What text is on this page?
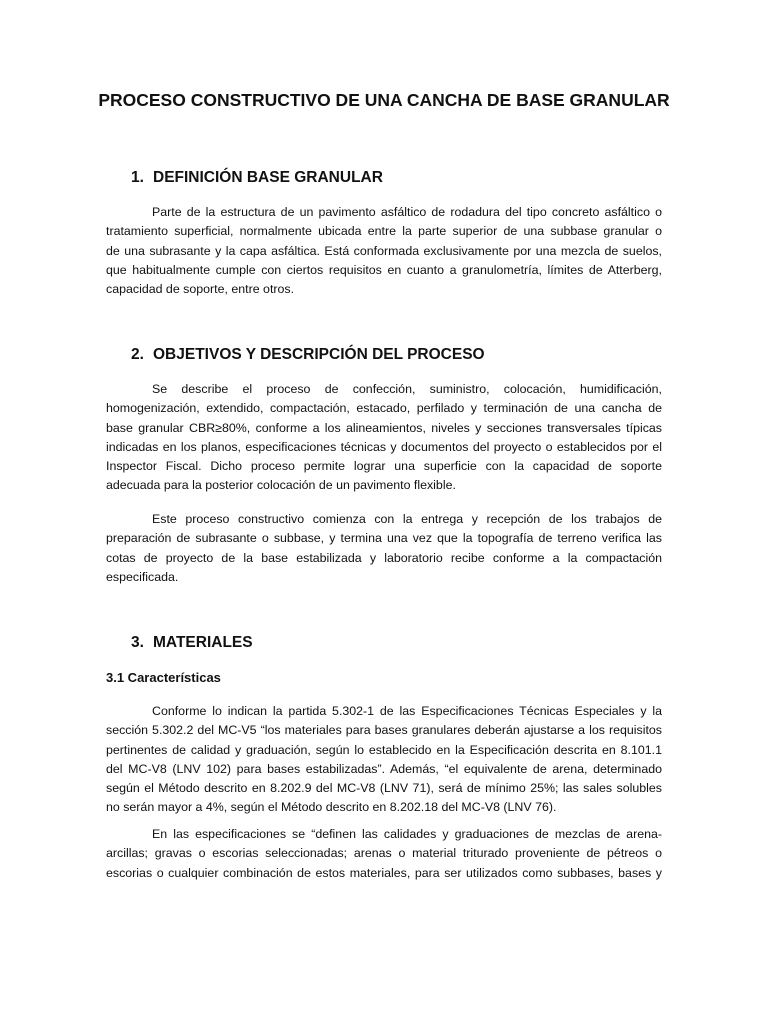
PROCESO CONSTRUCTIVO DE UNA CANCHA DE BASE GRANULAR
1. DEFINICIÓN BASE GRANULAR

Parte de la estructura de un pavimento asfáltico de rodadura del tipo concreto asfáltico o
tratamiento superficial, normalmente ubicada entre la parte superior de una subbase granular o
de una subrasante y la capa asfáltica. Está conformada exclusivamente por una mezcla de suelos,
que habitualmente cumple con ciertos requisitos en cuanto a granulometría, límites de Atterberg,
capacidad de soporte, entre otros.

2. OBJETIVOS Y DESCRIPCIÓN DEL PROCESO

Se describe el proceso de confección, suministro, colocación, humidificación,
homogenización, extendido, compactación, estacado, perfilado y terminación de una cancha de
base granular CBR≥80%, conforme a los alineamientos, niveles y secciones transversales típicas
indicadas en los planos, especificaciones técnicas y documentos del proyecto o establecidos por el
Inspector Fiscal. Dicho proceso permite lograr una superficie con la capacidad de soporte
adecuada para la posterior colocación de un pavimento flexible.

Este proceso constructivo comienza con la entrega y recepción de los trabajos de
preparación de subrasante o subbase, y termina una vez que la topografía de terreno verifica las
cotas de proyecto de la base estabilizada y laboratorio recibe conforme a la compactación
especificada.

3. MATERIALES
3.1 Características

Conforme lo indican la partida 5.302-1 de las Especificaciones Técnicas Especiales y la
sección 5.302.2 del MC-V5 “los materiales para bases granulares deberán ajustarse a los requisitos
pertinentes de calidad y graduación, según lo establecido en la Especificación descrita en 8.101.1
del MC-V8 (LNV 102) para bases estabilizadas”. Además, “el equivalente de arena, determinado
según el Método descrito en 8.202.9 del MC-V8 (LNV 71), será de mínimo 25%; las sales solubles
no serán mayor a 4%, según el Método descrito en 8.202.18 del MC-V8 (LNV 76).

En las especificaciones se “definen las calidades y graduaciones de mezclas de arena-
arcillas; gravas o escorias seleccionadas; arenas o material triturado proveniente de pétreos o
escorias o cualquier combinación de estos materiales, para ser utilizados como subbases, bases y
